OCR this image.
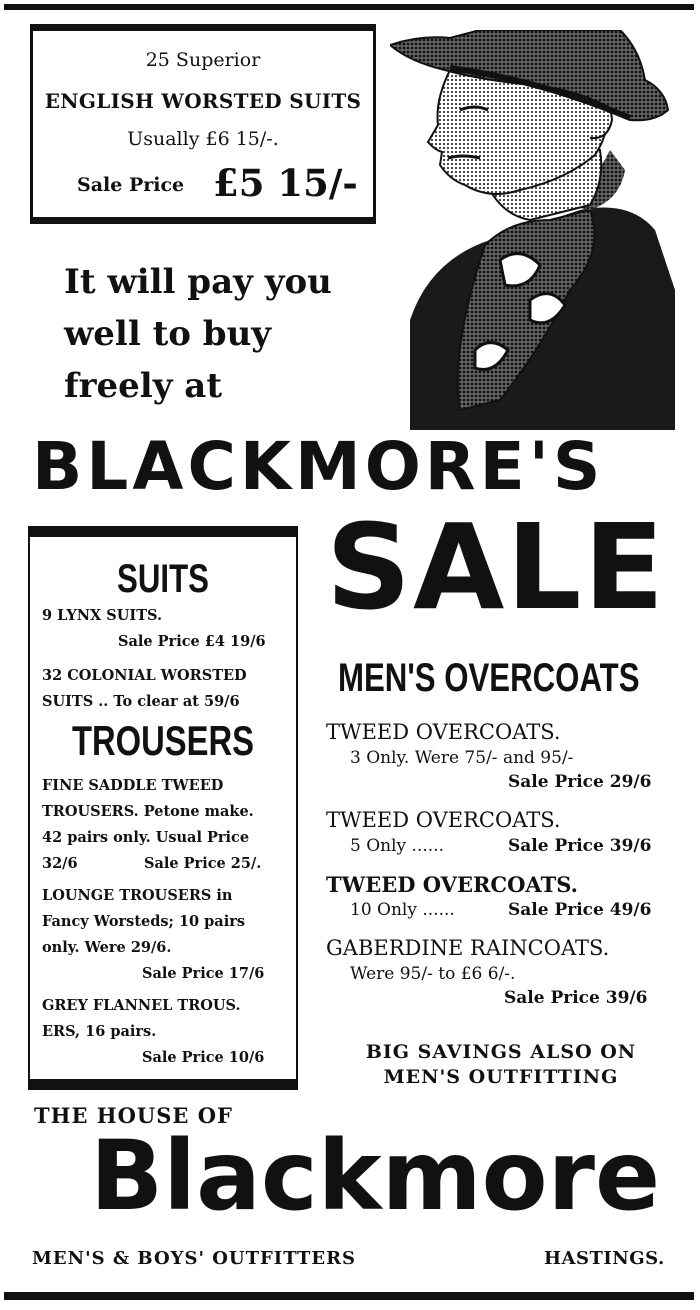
25 Superior
ENGLISH WORSTED SUITS
Usually £6 15/-.
Sale Price £5 15/-
It will pay you
well to buy
freely at
BLACKMORE'S
SALE
SUITS
9 LYNX SUITS.
Sale Price £4 19/6
32 COLONIAL WORSTED
SUITS .. To clear at 59/6
TROUSERS
FINE SADDLE TWEED
TROUSERS. Petone make.
42 pairs only. Usual Price
32/6	Sale Price 25/.
LOUNGE TROUSERS in
Fancy Worsteds; 10 pairs
only. Were 29/6.
Sale Price 17/6
GREY FLANNEL TROUS.
ERS, 16 pairs.
Sale Price 10/6
MEN'S OVERCOATS
TWEED OVERCOATS.
3 Only. Were 75/- and 95/-
Sale Price 29/6
TWEED OVERCOATS.
5 Only ......	Sale Price 39/6
TWEED OVERCOATS.
10 Only ......	Sale Price 49/6
GABERDINE RAINCOATS.
Were 95/- to £6 6/-.
Sale Price 39/6
BIG SAVINGS ALSO ON
MEN'S OUTFITTING
THE HOUSE OF
Blackmore
MEN'S & BOYS' OUTFITTERS	HASTINGS.
